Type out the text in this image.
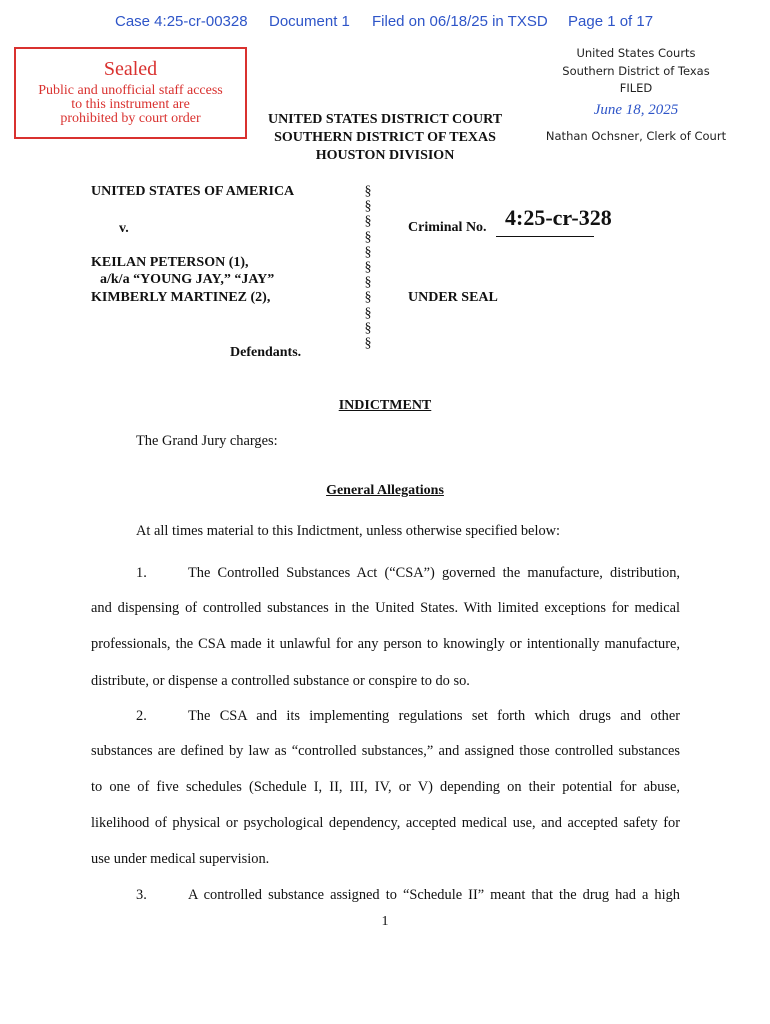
Case 4:25-cr-00328 Document 1 Filed on 06/18/25 in TXSD Page 1 of 17
Sealed
Public and unofficial staff access
to this instrument are
prohibited by court order
United States Courts
Southern District of Texas
FILED
June 18, 2025
Nathan Ochsner, Clerk of Court
UNITED STATES DISTRICT COURT
SOUTHERN DISTRICT OF TEXAS
HOUSTON DIVISION
UNITED STATES OF AMERICA
v.
KEILAN PETERSON (1),
a/k/a “YOUNG JAY,” “JAY”
KIMBERLY MARTINEZ (2),
Defendants.
§
§
§
§
§
§
§
§
§
§
§
Criminal No. 4:25-cr-328
UNDER SEAL
INDICTMENT
The Grand Jury charges:
General Allegations
At all times material to this Indictment, unless otherwise specified below:
1.	The Controlled Substances Act (“CSA”) governed the manufacture, distribution,
and dispensing of controlled substances in the United States. With limited exceptions for medical
professionals, the CSA made it unlawful for any person to knowingly or intentionally manufacture,
distribute, or dispense a controlled substance or conspire to do so.
2.	The CSA and its implementing regulations set forth which drugs and other
substances are defined by law as “controlled substances,” and assigned those controlled substances
to one of five schedules (Schedule I, II, III, IV, or V) depending on their potential for abuse,
likelihood of physical or psychological dependency, accepted medical use, and accepted safety for
use under medical supervision.
3.	A controlled substance assigned to “Schedule II” meant that the drug had a high
1
